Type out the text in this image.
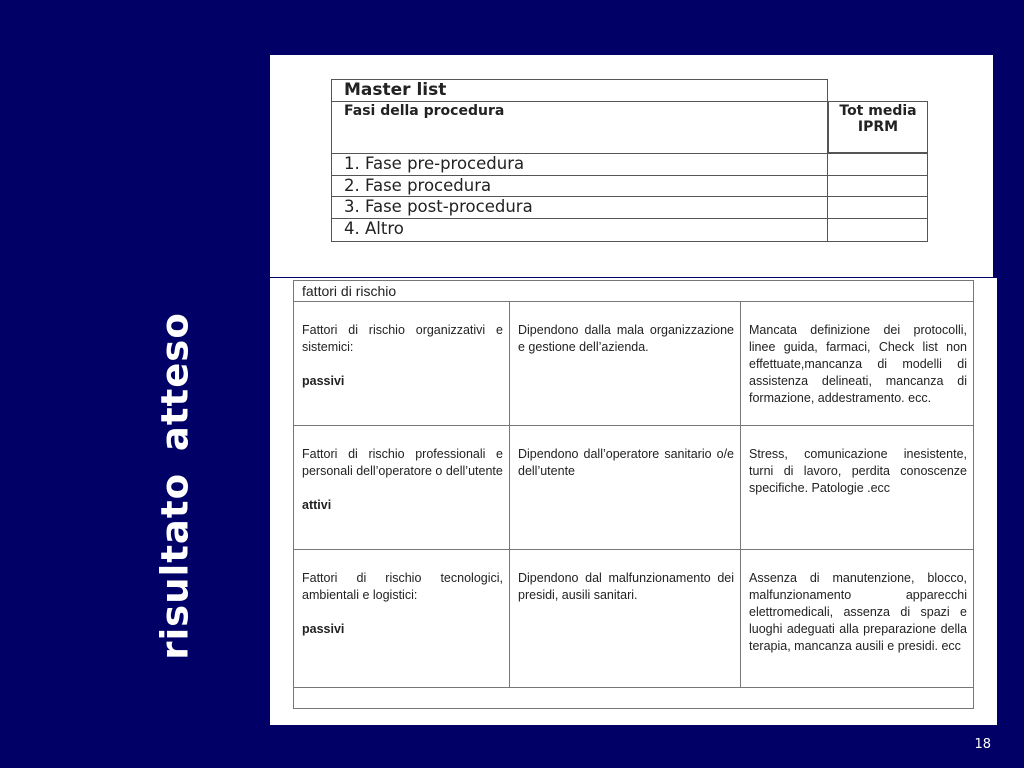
risultato atteso
Master list
Fasi della procedura	Tot media IPRM
1. Fase pre-procedura
2. Fase procedura
3. Fase post-procedura
4. Altro
fattori di rischio
Fattori di rischio organizzativi e sistemici:
passivi
Dipendono dalla mala organizzazione e gestione dell’azienda.
Mancata definizione dei protocolli, linee guida, farmaci, Check list non effettuate,mancanza di modelli di assistenza delineati, mancanza di formazione, addestramento. ecc.
Fattori di rischio professionali e personali dell’operatore o dell’utente
attivi
Dipendono dall’operatore sanitario o/e dell’utente
Stress, comunicazione inesistente, turni di lavoro, perdita conoscenze specifiche. Patologie .ecc
Fattori di rischio tecnologici, ambientali e logistici:
passivi
Dipendono dal malfunzionamento dei presidi, ausili sanitari.
Assenza di manutenzione, blocco, malfunzionamento apparecchi elettromedicali, assenza di spazi e luoghi adeguati alla preparazione della terapia, mancanza ausili e presidi. ecc
18
